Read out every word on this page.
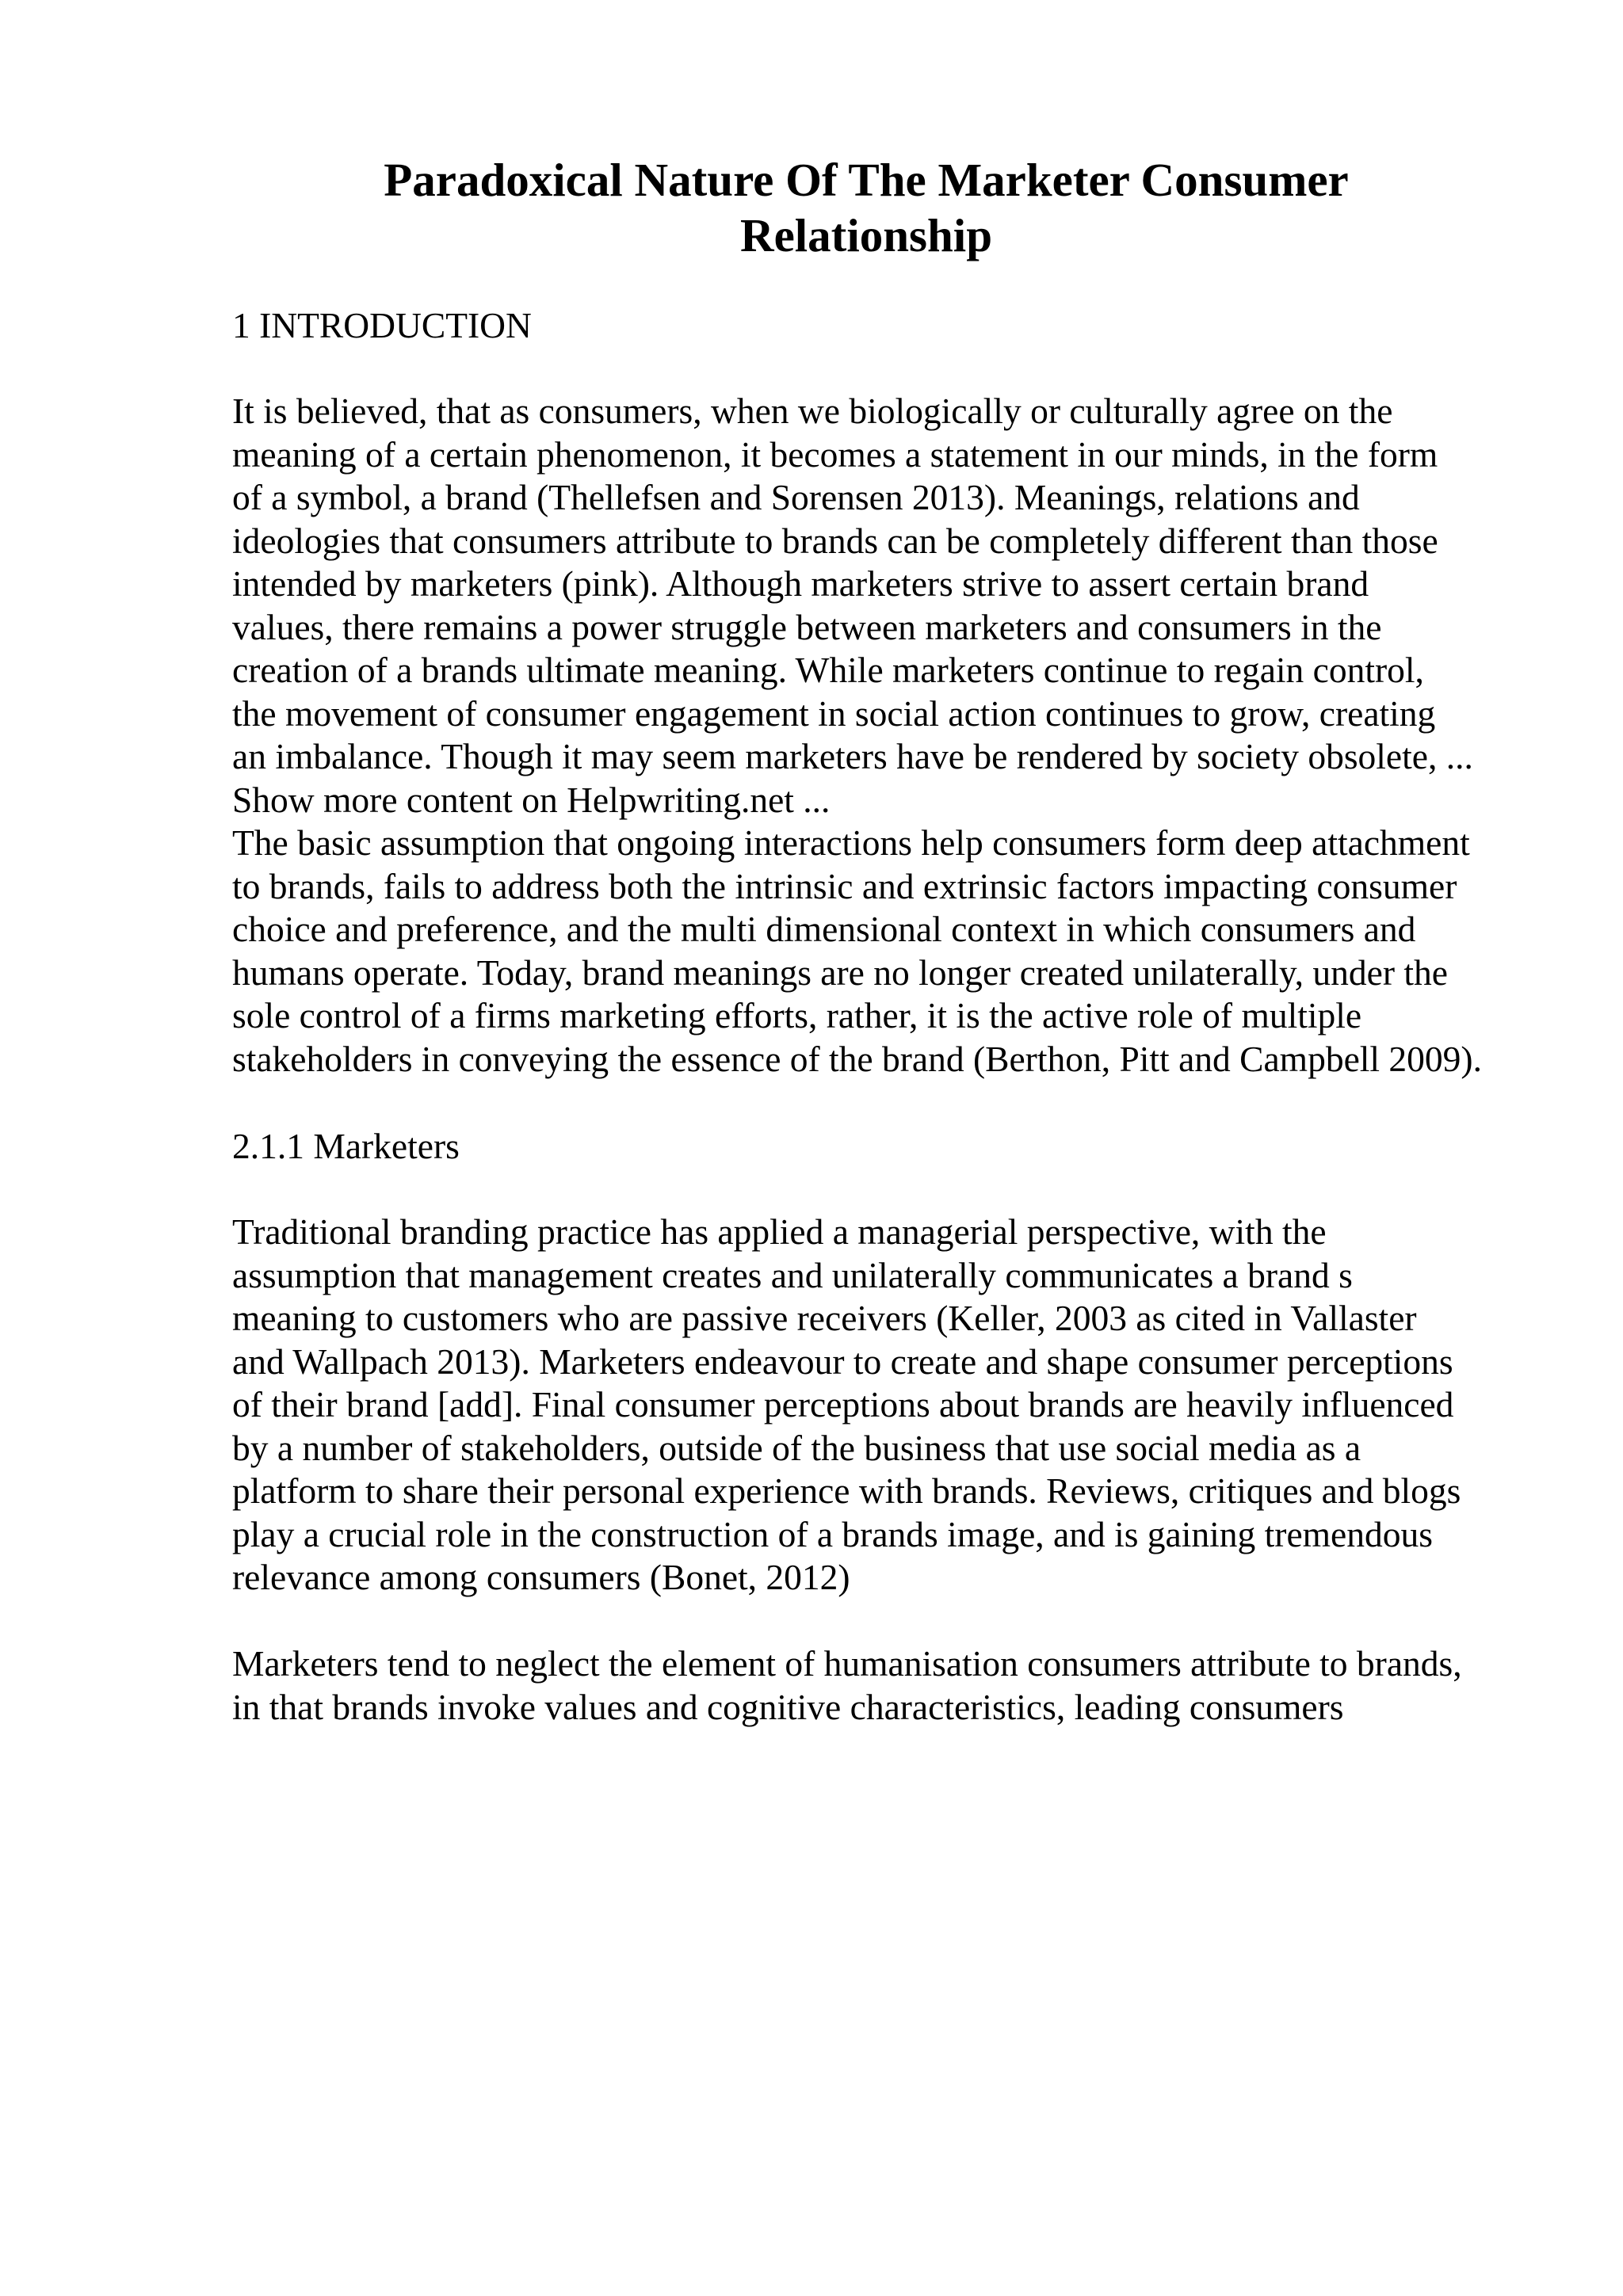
Paradoxical Nature Of The Marketer Consumer
Relationship
1 INTRODUCTION
It is believed, that as consumers, when we biologically or culturally agree on the
meaning of a certain phenomenon, it becomes a statement in our minds, in the form
of a symbol, a brand (Thellefsen and Sorensen 2013). Meanings, relations and
ideologies that consumers attribute to brands can be completely different than those
intended by marketers (pink). Although marketers strive to assert certain brand
values, there remains a power struggle between marketers and consumers in the
creation of a brands ultimate meaning. While marketers continue to regain control,
the movement of consumer engagement in social action continues to grow, creating
an imbalance. Though it may seem marketers have be rendered by society obsolete, ...
Show more content on Helpwriting.net ...
The basic assumption that ongoing interactions help consumers form deep attachment
to brands, fails to address both the intrinsic and extrinsic factors impacting consumer
choice and preference, and the multi dimensional context in which consumers and
humans operate. Today, brand meanings are no longer created unilaterally, under the
sole control of a firms marketing efforts, rather, it is the active role of multiple
stakeholders in conveying the essence of the brand (Berthon, Pitt and Campbell 2009).
2.1.1 Marketers
Traditional branding practice has applied a managerial perspective, with the
assumption that management creates and unilaterally communicates a brand s
meaning to customers who are passive receivers (Keller, 2003 as cited in Vallaster
and Wallpach 2013). Marketers endeavour to create and shape consumer perceptions
of their brand [add]. Final consumer perceptions about brands are heavily influenced
by a number of stakeholders, outside of the business that use social media as a
platform to share their personal experience with brands. Reviews, critiques and blogs
play a crucial role in the construction of a brands image, and is gaining tremendous
relevance among consumers (Bonet, 2012)
Marketers tend to neglect the element of humanisation consumers attribute to brands,
in that brands invoke values and cognitive characteristics, leading consumers
